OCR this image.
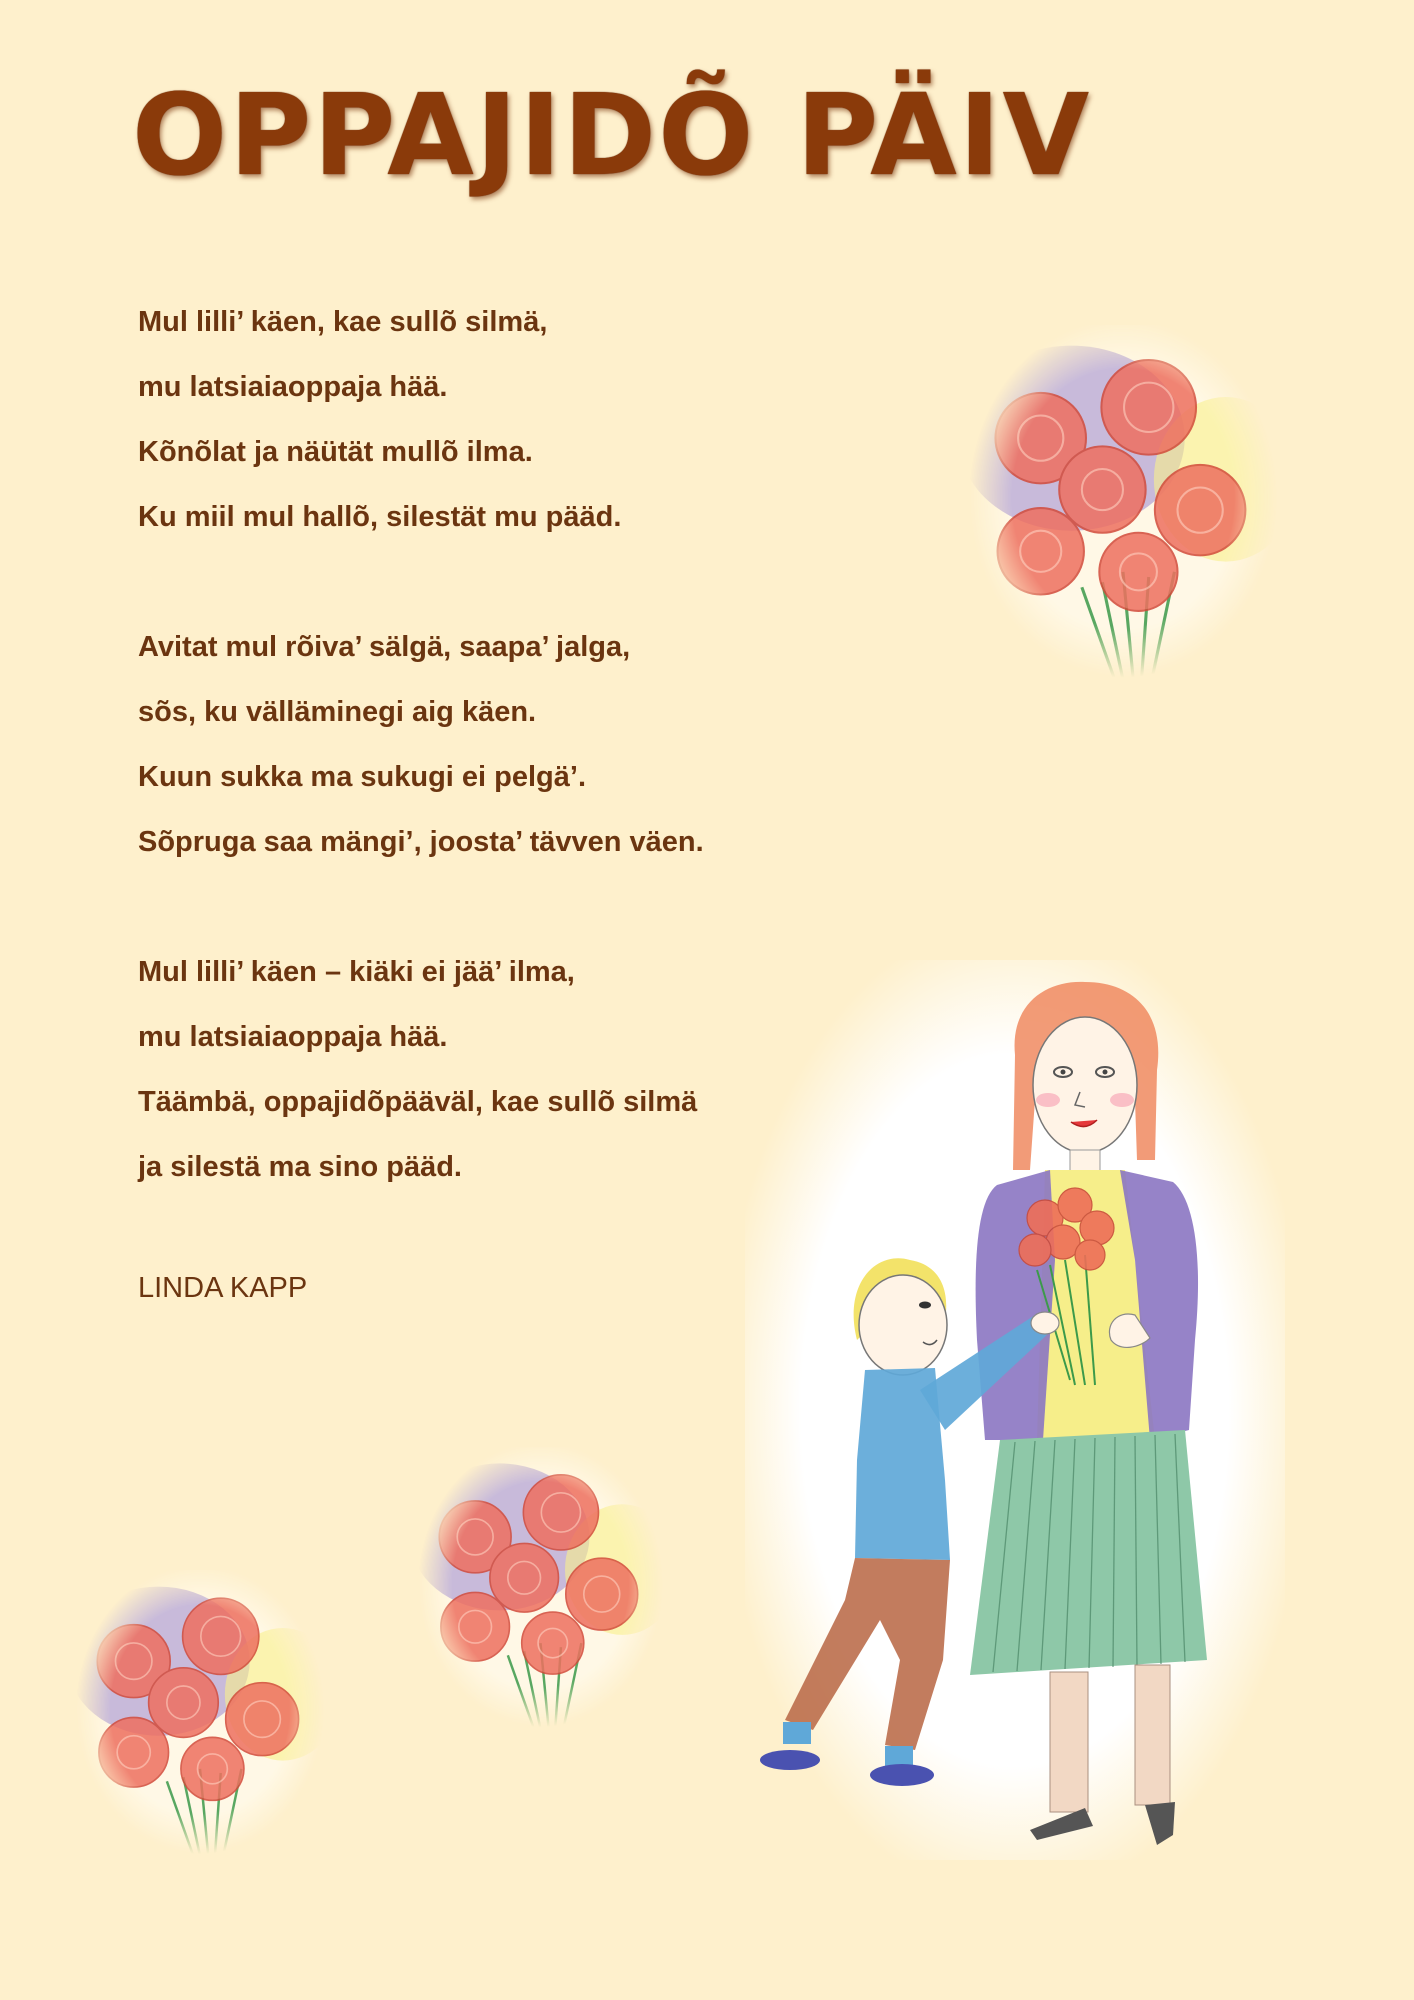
OPPAJIDÕ PÄIV
Mul lilli’ käen, kae sullõ silmä,
mu latsiaiaoppaja hää.
Kõnõlat ja näütät mullõ ilma.
Ku miil mul hallõ, silestät mu pääd.
Avitat mul rõiva’ sälgä, saapa’ jalga,
sõs, ku välläminegi aig käen.
Kuun sukka ma sukugi ei pelgä’.
Sõpruga saa mängi’, joosta’ tävven väen.
Mul lilli’ käen – kiäki ei jää’ ilma,
mu latsiaiaoppaja hää.
Täämbä, oppajidõpääväl, kae sullõ silmä
ja silestä ma sino pääd.
LINDA KAPP
